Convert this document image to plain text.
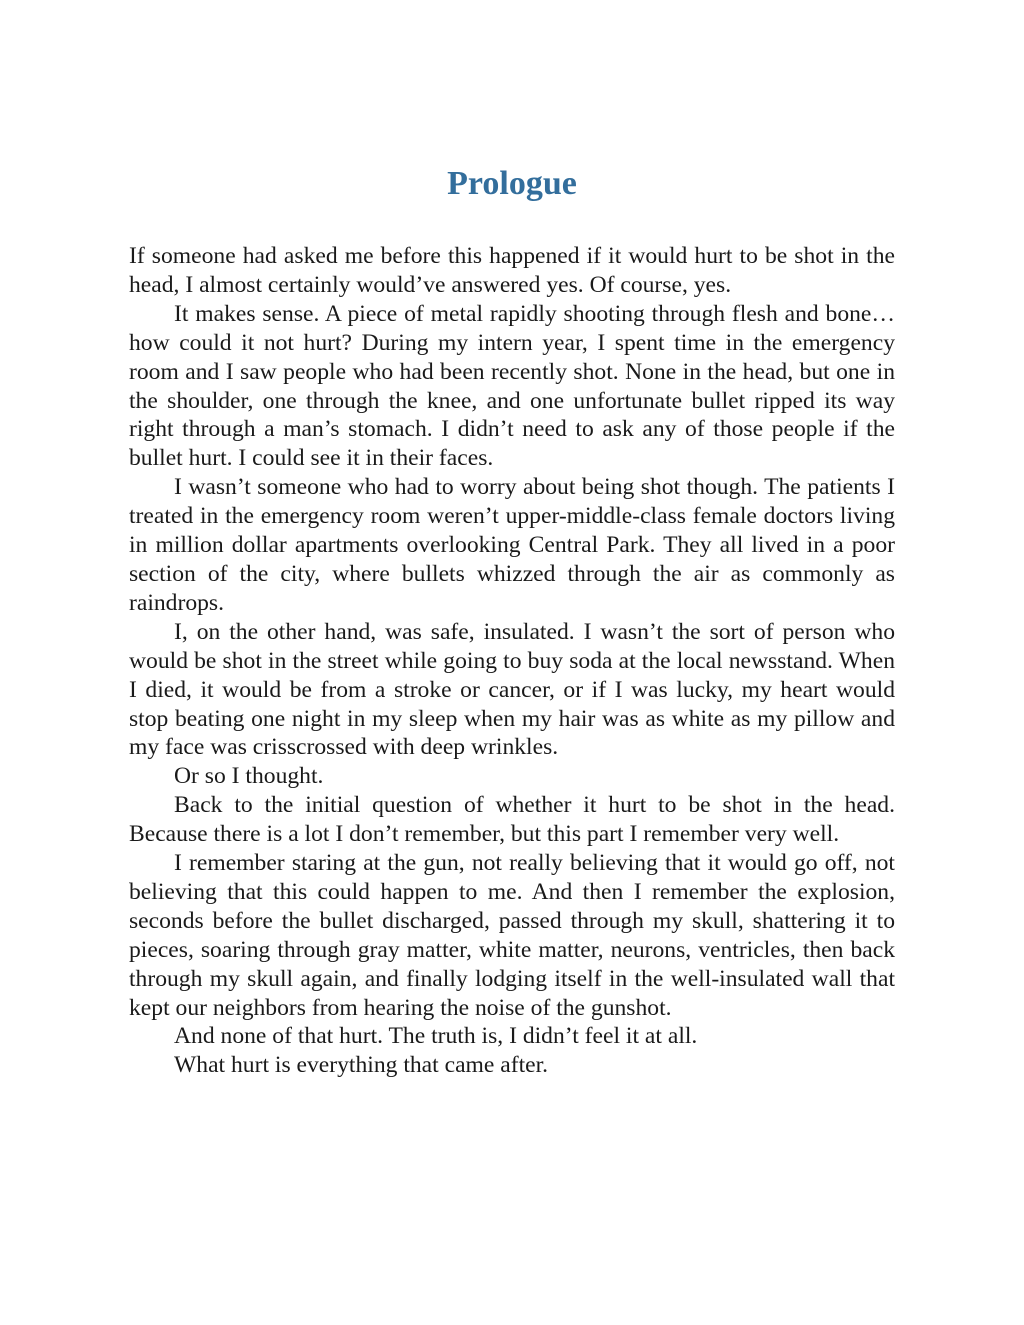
Prologue

If someone had asked me before this happened if it would hurt to be shot in the head, I almost certainly would’ve answered yes. Of course, yes.

It makes sense. A piece of metal rapidly shooting through flesh and bone… how could it not hurt? During my intern year, I spent time in the emergency room and I saw people who had been recently shot. None in the head, but one in the shoulder, one through the knee, and one unfortunate bullet ripped its way right through a man’s stomach. I didn’t need to ask any of those people if the bullet hurt. I could see it in their faces.

I wasn’t someone who had to worry about being shot though. The patients I treated in the emergency room weren’t upper-middle-class female doctors living in million dollar apartments overlooking Central Park. They all lived in a poor section of the city, where bullets whizzed through the air as commonly as raindrops.

I, on the other hand, was safe, insulated. I wasn’t the sort of person who would be shot in the street while going to buy soda at the local newsstand. When I died, it would be from a stroke or cancer, or if I was lucky, my heart would stop beating one night in my sleep when my hair was as white as my pillow and my face was crisscrossed with deep wrinkles.

Or so I thought.

Back to the initial question of whether it hurt to be shot in the head. Because there is a lot I don’t remember, but this part I remember very well.

I remember staring at the gun, not really believing that it would go off, not believing that this could happen to me. And then I remember the explosion, seconds before the bullet discharged, passed through my skull, shattering it to pieces, soaring through gray matter, white matter, neurons, ventricles, then back through my skull again, and finally lodging itself in the well-insulated wall that kept our neighbors from hearing the noise of the gunshot.

And none of that hurt. The truth is, I didn’t feel it at all.

What hurt is everything that came after.
